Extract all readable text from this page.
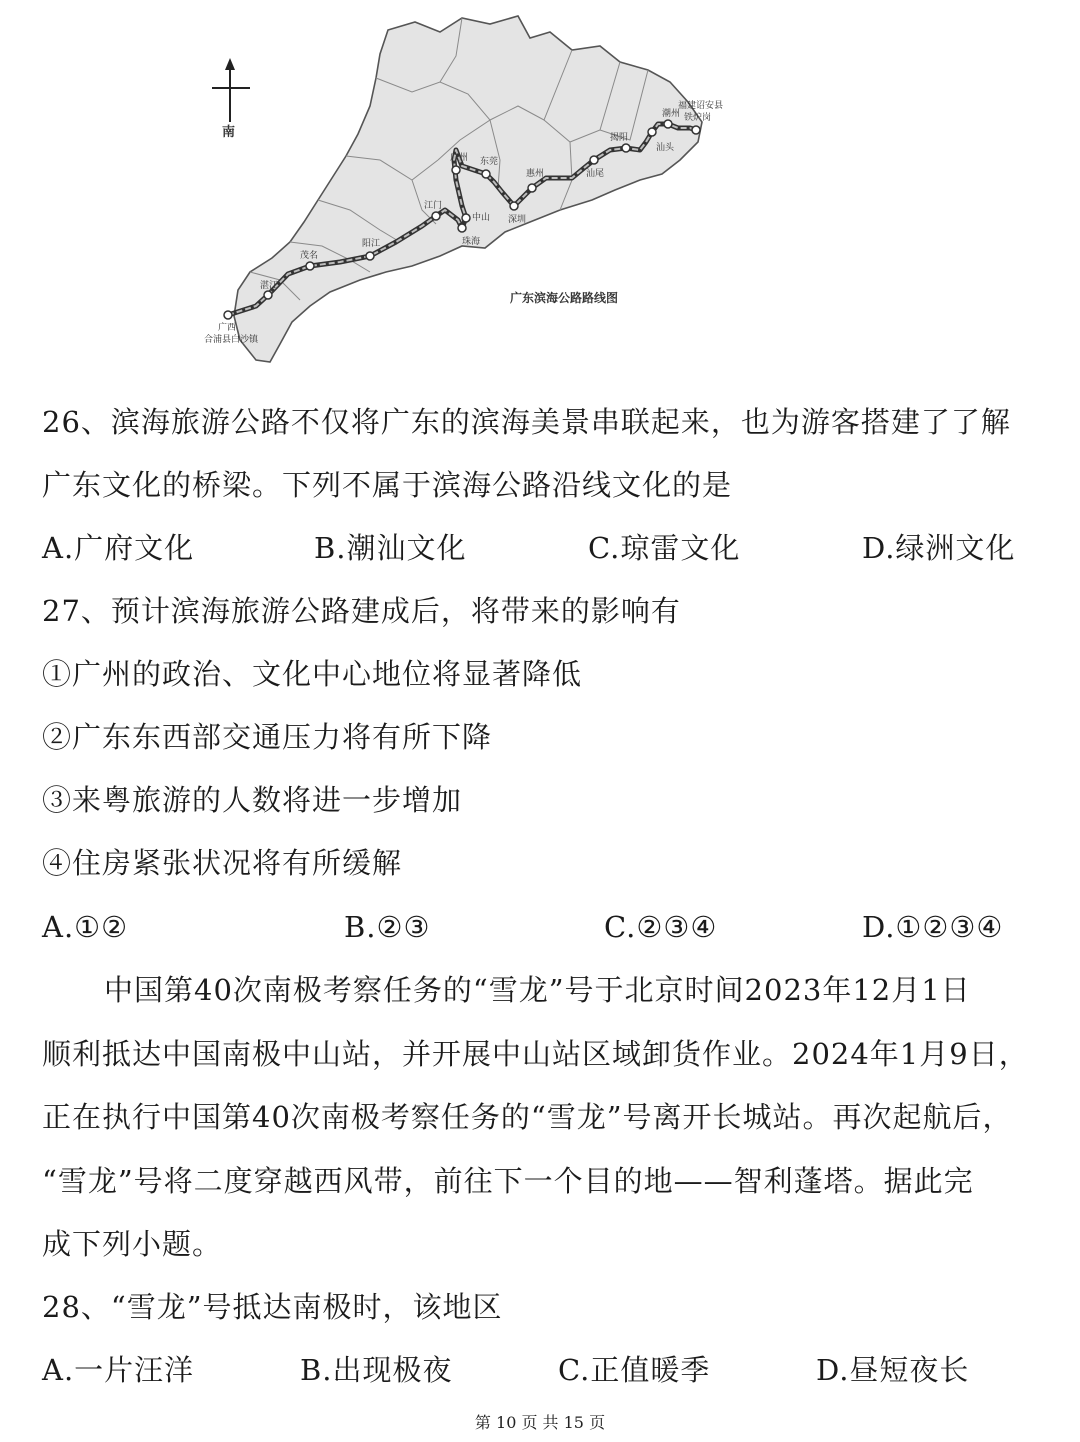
南
广州 东莞
惠州
深圳
中山
珠海
江门
阳江
茂名
湛江
广西
合浦县白沙镇
汕尾
揭阳
潮州
汕头
福建诏安县
铁炉岗
广东滨海公路路线图
26、滨海旅游公路不仅将广东的滨海美景串联起来，也为游客搭建了了解
广东文化的桥梁。下列不属于滨海公路沿线文化的是
A.广府文化	B.潮汕文化	C.琼雷文化	D.绿洲文化
27、预计滨海旅游公路建成后，将带来的影响有
①广州的政治、文化中心地位将显著降低
②广东东西部交通压力将有所下降
③来粤旅游的人数将进一步增加
④住房紧张状况将有所缓解
A.①②	B.②③	C.②③④	D.①②③④
中国第40次南极考察任务的“雪龙”号于北京时间2023年12月1日
顺利抵达中国南极中山站，并开展中山站区域卸货作业。2024年1月9日，
正在执行中国第40次南极考察任务的“雪龙”号离开长城站。再次起航后，
“雪龙”号将二度穿越西风带，前往下一个目的地——智利蓬塔。据此完
成下列小题。
28、“雪龙”号抵达南极时，该地区
A.一片汪洋	B.出现极夜	C.正值暖季	D.昼短夜长
第 10 页 共 15 页
